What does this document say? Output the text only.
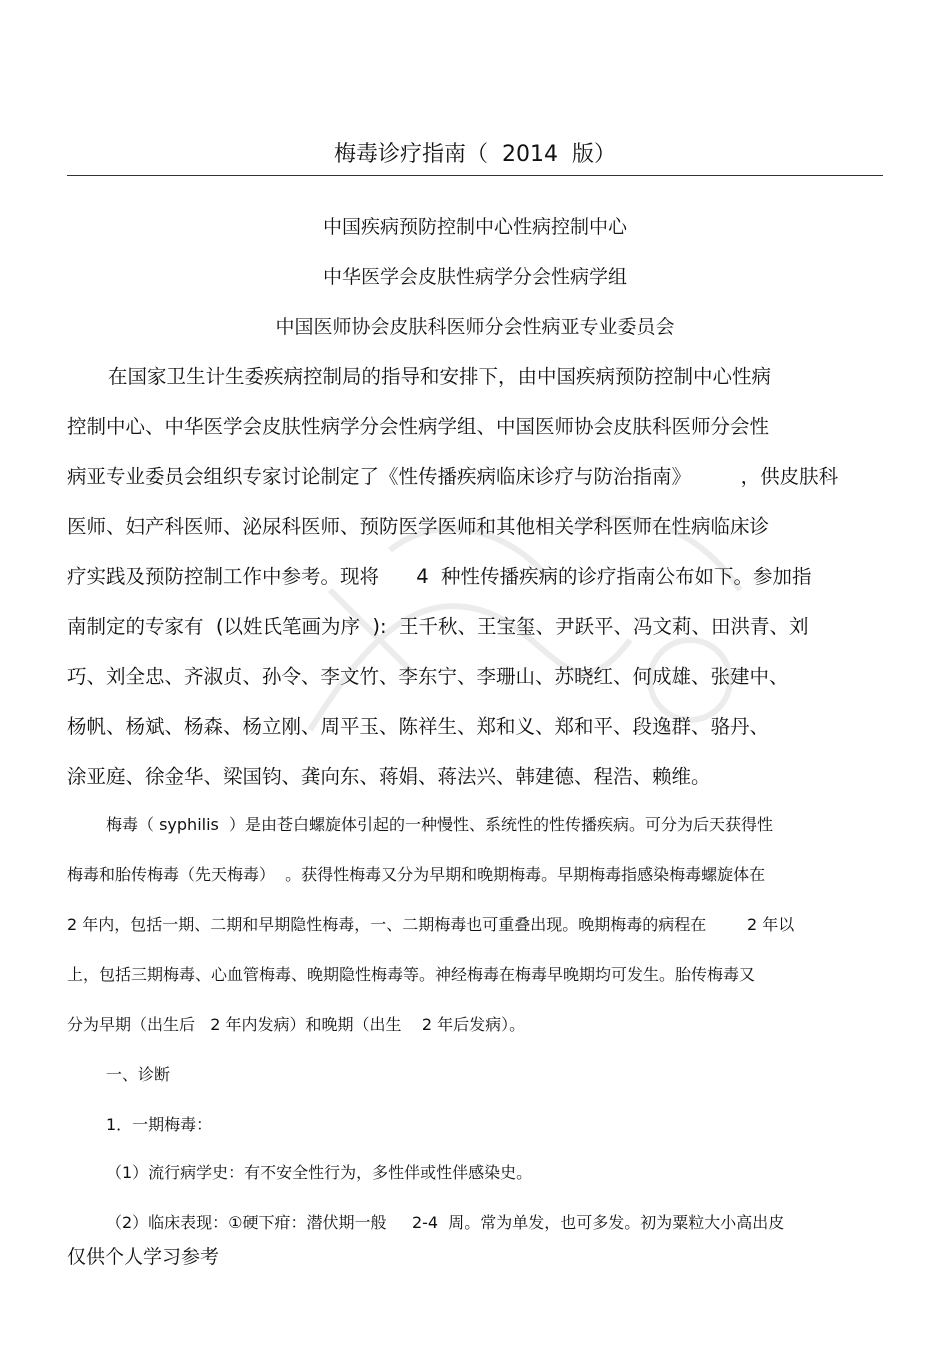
梅毒诊疗指南（  2014  版）
中国疾病预防控制中心性病控制中心
中华医学会皮肤性病学分会性病学组
中国医师协会皮肤科医师分会性病亚专业委员会
在国家卫生计生委疾病控制局的指导和安排下，由中国疾病预防控制中心性病
控制中心、中华医学会皮肤性病学分会性病学组、中国医师协会皮肤科医师分会性
病亚专业委员会组织专家讨论制定了《性传播疾病临床诊疗与防治指南》        ，供皮肤科
医师、妇产科医师、泌尿科医师、预防医学医师和其他相关学科医师在性病临床诊
疗实践及预防控制工作中参考。现将      4  种性传播疾病的诊疗指南公布如下。参加指
南制定的专家有  (以姓氏笔画为序  ):  王千秋、王宝玺、尹跃平、冯文莉、田洪青、刘
巧、刘全忠、齐淑贞、孙令、李文竹、李东宁、李珊山、苏晓红、何成雄、张建中、
杨帆、杨斌、杨森、杨立刚、周平玉、陈祥生、郑和义、郑和平、段逸群、骆丹、
涂亚庭、徐金华、梁国钧、龚向东、蒋娟、蒋法兴、韩建德、程浩、赖维。
梅毒（ syphilis  ）是由苍白螺旋体引起的一种慢性、系统性的性传播疾病。可分为后天获得性
梅毒和胎传梅毒（先天梅毒）  。获得性梅毒又分为早期和晚期梅毒。早期梅毒指感染梅毒螺旋体在
2 年内，包括一期、二期和早期隐性梅毒，一、二期梅毒也可重叠出现。晚期梅毒的病程在        2 年以
上，包括三期梅毒、心血管梅毒、晚期隐性梅毒等。神经梅毒在梅毒早晚期均可发生。胎传梅毒又
分为早期（出生后   2 年内发病）和晚期（出生    2 年后发病）。
一、诊断
1．一期梅毒：
（1）流行病学史：有不安全性行为，多性伴或性伴感染史。
（2）临床表现：①硬下疳：潜伏期一般     2-4  周。常为单发，也可多发。初为粟粒大小高出皮
仅供个人学习参考
